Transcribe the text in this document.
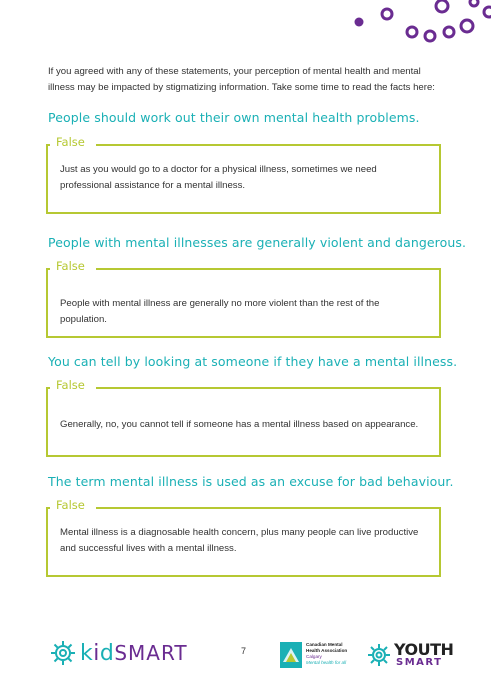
If you agreed with any of these statements, your perception of mental health and mental illness may be impacted by stigmatizing information. Take some time to read the facts here:

People should work out their own mental health problems.
False
Just as you would go to a doctor for a physical illness, sometimes we need professional assistance for a mental illness.
People with mental illnesses are generally violent and dangerous.
False
People with mental illness are generally no more violent than the rest of the population.
You can tell by looking at someone if they have a mental illness.
False
Generally, no, you cannot tell if someone has a mental illness based on appearance.
The term mental illness is used as an excuse for bad behaviour.
False
Mental illness is a diagnosable health concern, plus many people can live productive and successful lives with a mental illness.
kidSMART	7
Canadian Mental
Health Association
Calgary
Mental health for all
YOUTH
SMART
